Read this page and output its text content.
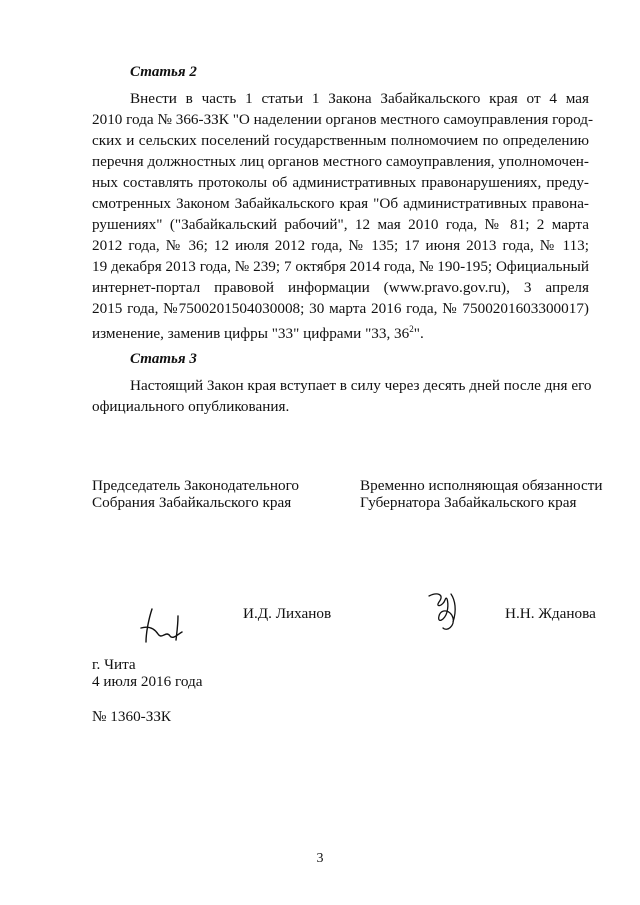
Статья 2
Внести в часть 1 статьи 1 Закона Забайкальского края от 4 мая
2010 года № 366-ЗЗК "О наделении органов местного самоуправления город-
ских и сельских поселений государственным полномочием по определению
перечня должностных лиц органов местного самоуправления, уполномочен-
ных составлять протоколы об административных правонарушениях, преду-
смотренных Законом Забайкальского края "Об административных правона-
рушениях" ("Забайкальский рабочий", 12 мая 2010 года, № 81; 2 марта
2012 года, № 36; 12 июля 2012 года, № 135; 17 июня 2013 года, № 113;
19 декабря 2013 года, № 239; 7 октября 2014 года, № 190-195; Официальный
интернет-портал правовой информации (www.pravo.gov.ru), 3 апреля
2015 года, №7500201504030008; 30 марта 2016 года, № 7500201603300017)
изменение, заменив цифры "33" цифрами "33, $36^2$".
Статья 3
Настоящий Закон края вступает в силу через десять дней после дня его
официального опубликования.
Председатель Законодательного
Собрания Забайкальского края
Временно исполняющая обязанности
Губернатора Забайкальского края
И.Д. Лиханов	Н.Н. Жданова
г. Чита
4 июля 2016 года
№ 1360-ЗЗК
3
